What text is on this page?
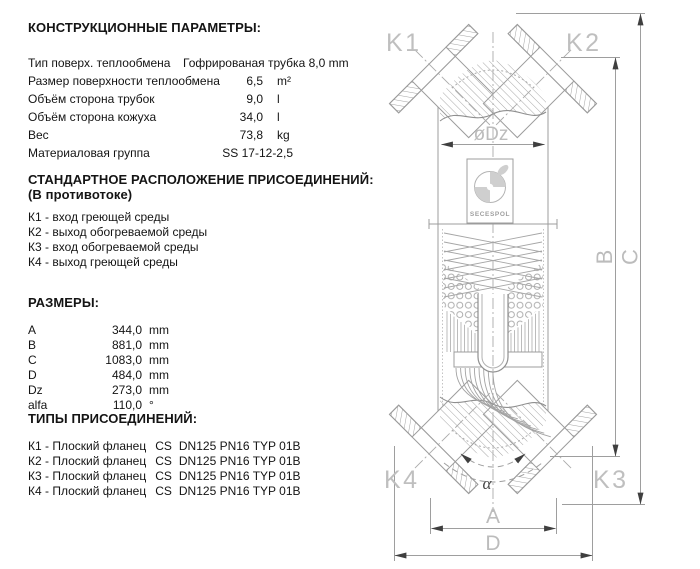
КОНСТРУКЦИОННЫЕ ПАРАМЕТРЫ:
Тип поверх. теплообмена Гофрированая трубка 8,0 mm
Размер поверхности теплообмена	6,5 m²
Объём сторона трубок	9,0 l
Объём сторона кожуха	34,0 l
Вес	73,8 kg
Материаловая группа	SS 17-12-2,5
СТАНДАРТНОЕ РАСПОЛОЖЕНИЕ ПРИСОЕДИНЕНИЙ:
(В противотоке)
К1 - вход греющей среды
К2 - выход обогреваемой среды
К3 - вход обогреваемой среды
К4 - выход греющей среды
РАЗМЕРЫ:
A	344,0 mm
B	881,0 mm
C	1083,0 mm
D	484,0 mm
Dz	273,0 mm
alfa	110,0 °
ТИПЫ ПРИСОЕДИНЕНИЙ:
К1 - Плоский фланец CS DN125 PN16 TYP 01B
К2 - Плоский фланец CS DN125 PN16 TYP 01B
К3 - Плоский фланец CS DN125 PN16 TYP 01B
К4 - Плоский фланец CS DN125 PN16 TYP 01B
SECESPOL
øDz
B C
A
D
α
K1	K2
K4	K3
